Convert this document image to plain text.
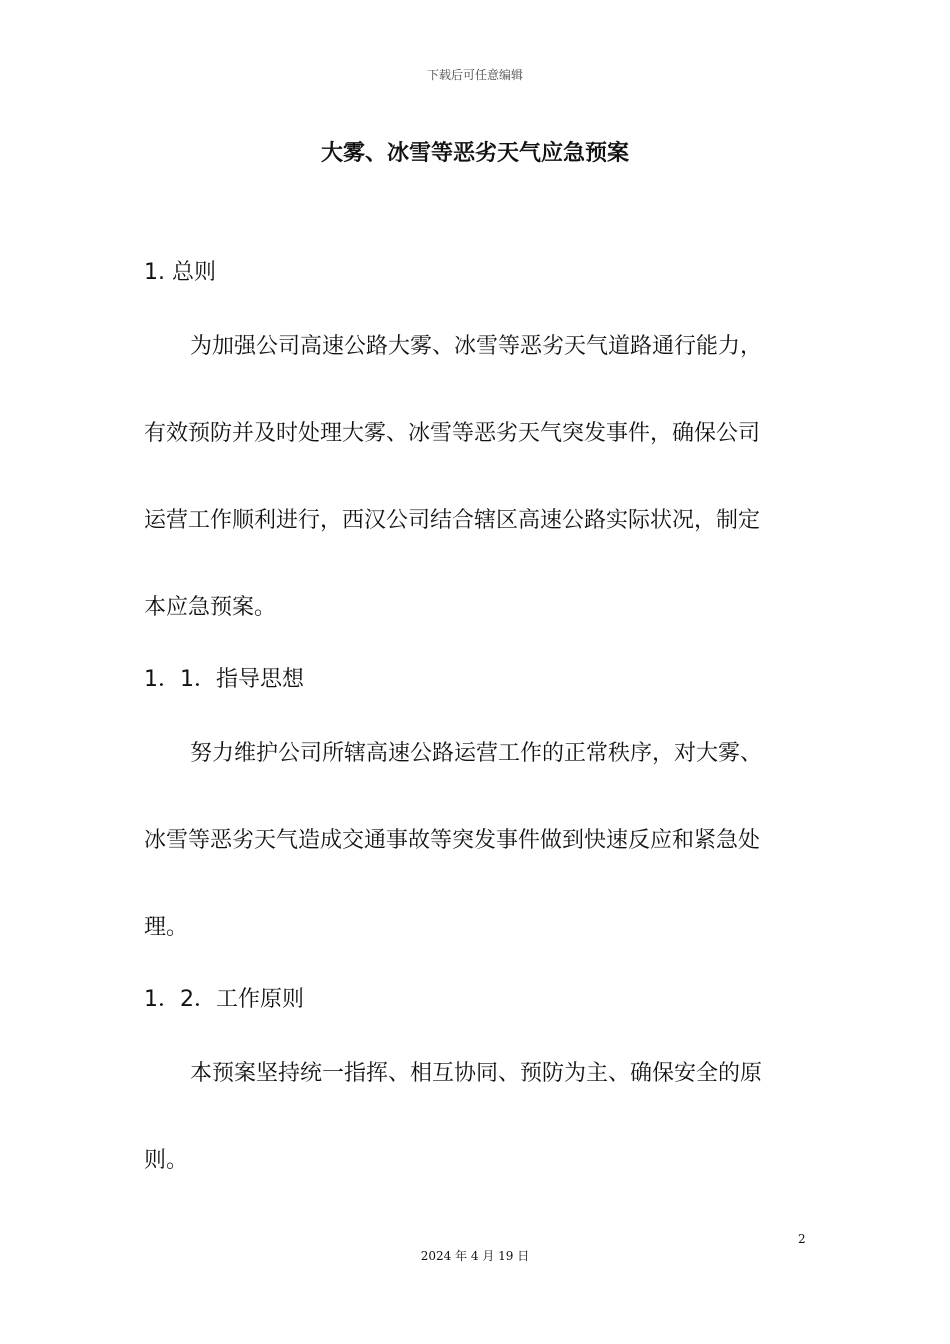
下载后可任意编辑
大雾、冰雪等恶劣天气应急预案
1. 总则
为加强公司高速公路大雾、冰雪等恶劣天气道路通行能力，
有效预防并及时处理大雾、冰雪等恶劣天气突发事件，确保公司
运营工作顺利进行，西汉公司结合辖区高速公路实际状况，制定
本应急预案。
1．1．指导思想
努力维护公司所辖高速公路运营工作的正常秩序，对大雾、
冰雪等恶劣天气造成交通事故等突发事件做到快速反应和紧急处
理。
1．2．工作原则
本预案坚持统一指挥、相互协同、预防为主、确保安全的原
则。
2
2024 年 4 月 19 日
